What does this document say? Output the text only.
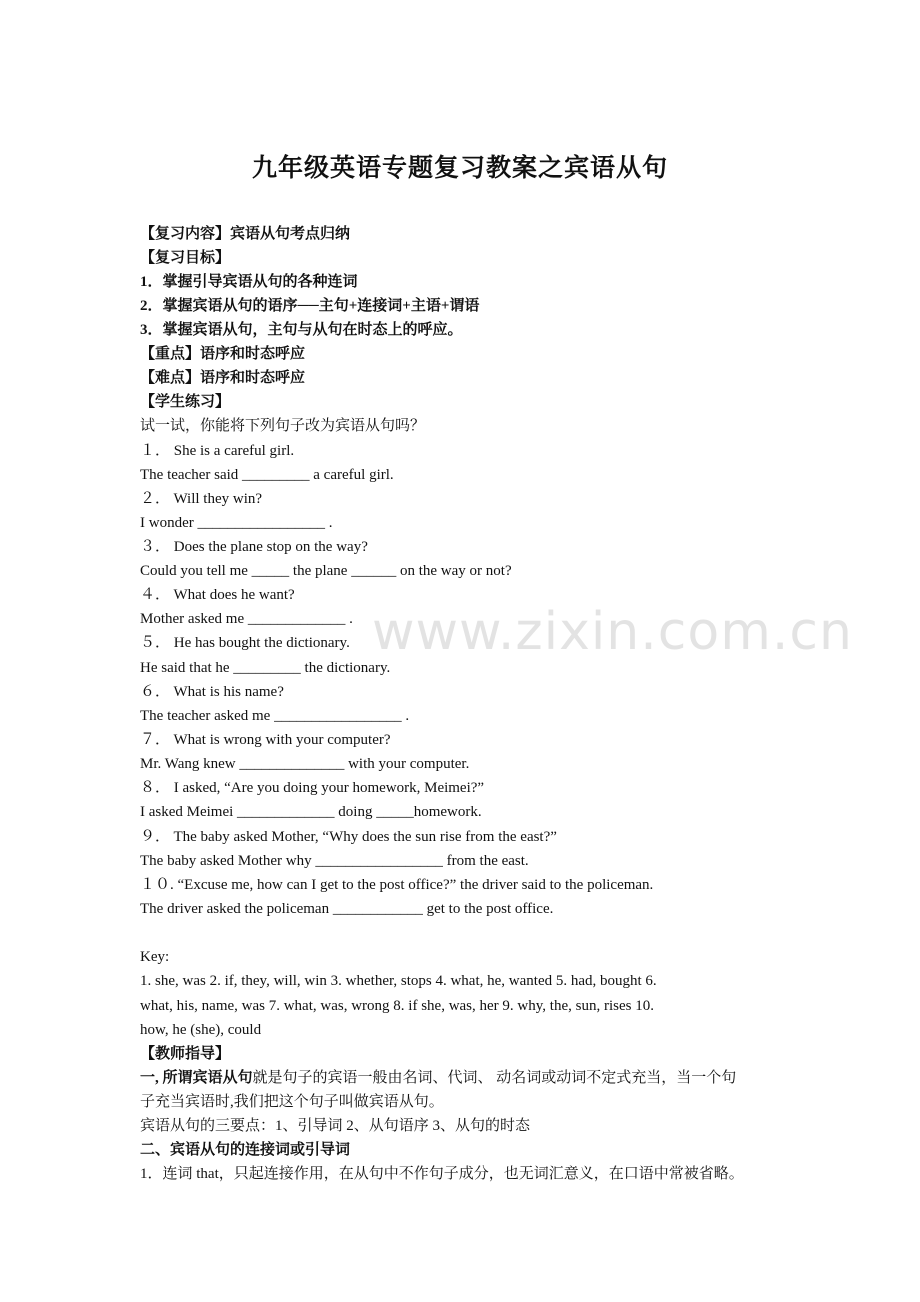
www.zixin.com.cn
九年级英语专题复习教案之宾语从句
【复习内容】宾语从句考点归纳
【复习目标】
1．掌握引导宾语从句的各种连词
2．掌握宾语从句的语序──主句+连接词+主语+谓语
3．掌握宾语从句，主句与从句在时态上的呼应。
【重点】语序和时态呼应
【难点】语序和时态呼应
【学生练习】
试一试，你能将下列句子改为宾语从句吗？
１． She is a careful girl.
The teacher said _________ a careful girl.
２． Will they win?
I wonder _________________ .
３． Does the plane stop on the way?
Could you tell me _____ the plane ______ on the way or not?
４． What does he want?
Mother asked me _____________ .
５． He has bought the dictionary.
He said that he _________ the dictionary.
６． What is his name?
The teacher asked me _________________ .
７． What is wrong with your computer?
Mr. Wang knew ______________ with your computer.
８． I asked, “Are you doing your homework, Meimei?”
I asked Meimei _____________ doing _____homework.
９． The baby asked Mother, “Why does the sun rise from the east?”
The baby asked Mother why _________________ from the east.
１０. “Excuse me, how can I get to the post office?” the driver said to the policeman.
The driver asked the policeman ____________ get to the post office.
Key:
1. she, was 2. if, they, will, win 3. whether, stops 4. what, he, wanted 5. had, bought 6.
what, his, name, was 7. what, was, wrong 8. if she, was, her 9. why, the, sun, rises 10.
how, he (she), could
【教师指导】
一, 所谓宾语从句就是句子的宾语一般由名词、代词、 动名词或动词不定式充当，当一个句
子充当宾语时,我们把这个句子叫做宾语从句。
宾语从句的三要点：1、引导词 2、从句语序 3、从句的时态
二、宾语从句的连接词或引导词
1．连词 that，只起连接作用，在从句中不作句子成分，也无词汇意义，在口语中常被省略。
